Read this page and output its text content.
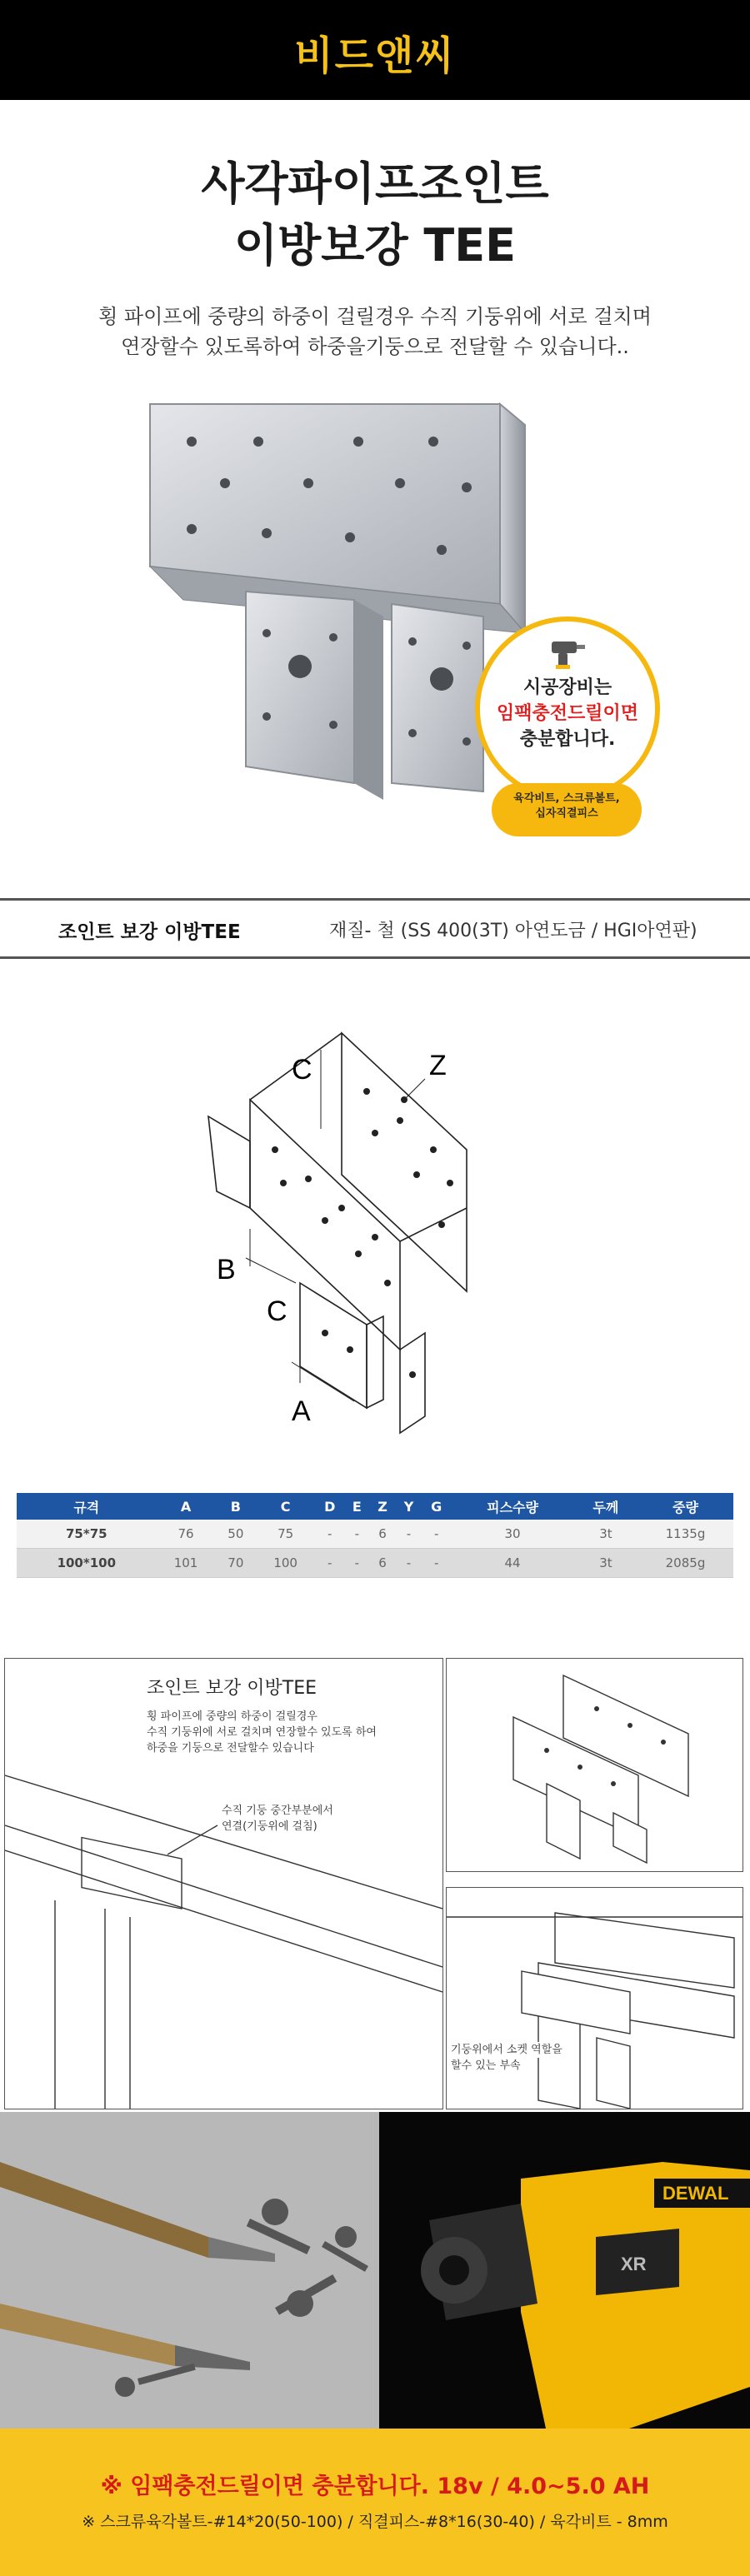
비드앤씨
사각파이프조인트
이방보강 TEE
횡 파이프에 중량의 하중이 걸릴경우 수직 기둥위에 서로 걸치며
연장할수 있도록하여 하중을기둥으로 전달할 수 있습니다..
시공장비는
임팩충전드릴이면
충분합니다.
육각비트, 스크류볼트,
십자직결피스
조인트 보강 이방TEE	재질- 철 (SS 400(3T) 아연도금 / HGI아연판)
C
C
B
A
Z
규격	A	B	C	D	E	Z	Y	G	피스수량	두께	중량
75*75	76	50	75	-	-	6	-	-	30	3t	1135g
100*100	101	70	100	-	-	6	-	-	44	3t	2085g
조인트 보강 이방TEE
횡 파이프에 중량의 하중이 걸릴경우
수직 기둥위에 서로 걸치며 연장할수 있도록 하여
하중을 기둥으로 전달할수 있습니다
수직 기둥 중간부분에서
연결(기둥위에 걸침)
기둥위에서 소켓 역할을
할수 있는 부속
DEWAL
XR
※ 임팩충전드릴이면 충분합니다. 18v / 4.0~5.0 AH
※ 스크류육각볼트-#14*20(50-100) / 직결피스-#8*16(30-40) / 육각비트 - 8mm
